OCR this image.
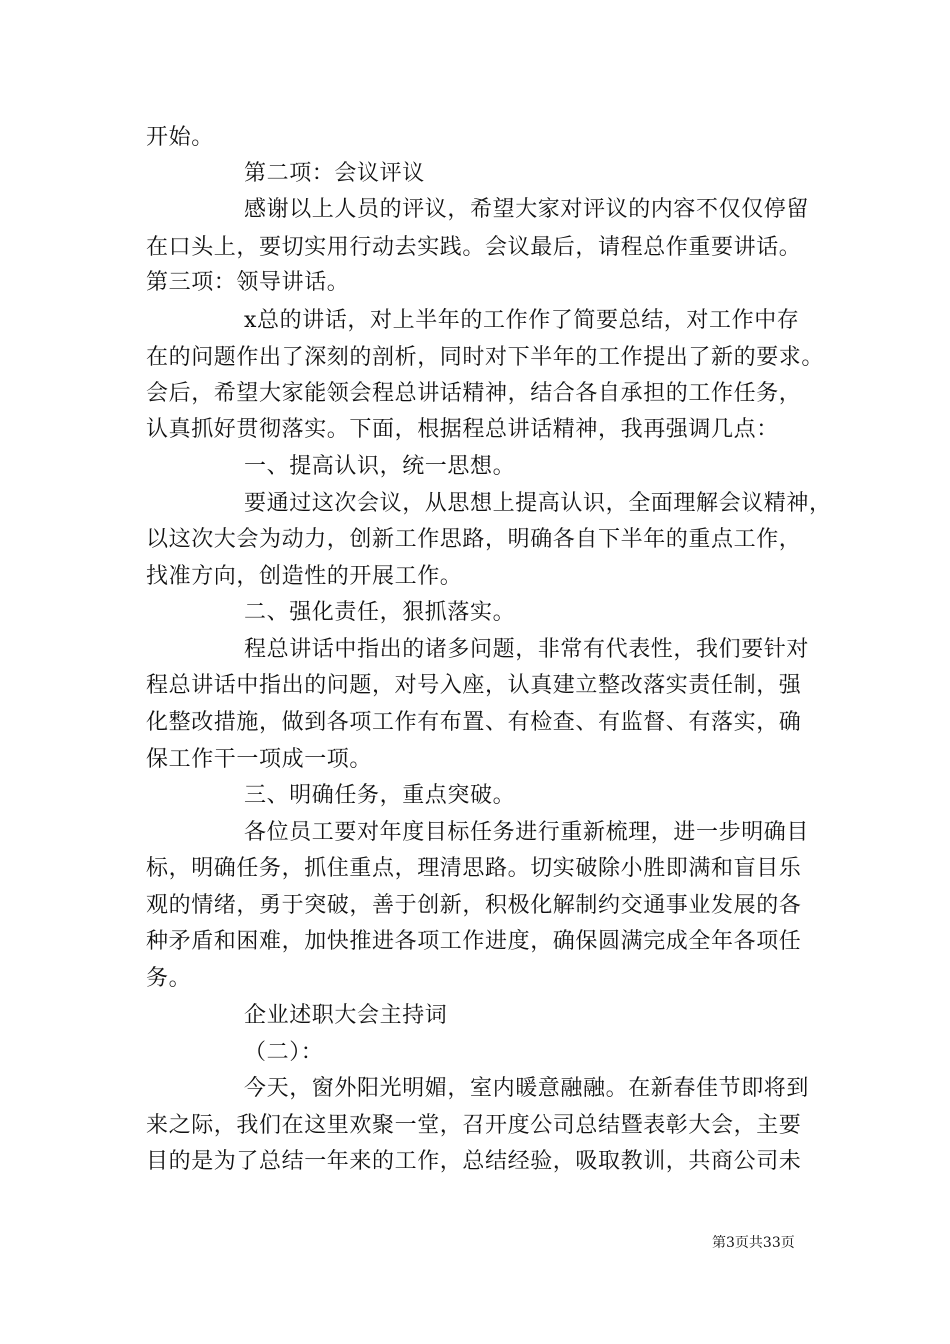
开始。
第二项：会议评议
感谢以上人员的评议，希望大家对评议的内容不仅仅停留
在口头上，要切实用行动去实践。会议最后，请程总作重要讲话。
第三项：领导讲话。
x总的讲话，对上半年的工作作了简要总结，对工作中存
在的问题作出了深刻的剖析，同时对下半年的工作提出了新的要求。
会后，希望大家能领会程总讲话精神，结合各自承担的工作任务，
认真抓好贯彻落实。下面，根据程总讲话精神，我再强调几点：
一、提高认识，统一思想。
要通过这次会议，从思想上提高认识，全面理解会议精神，
以这次大会为动力，创新工作思路，明确各自下半年的重点工作，
找准方向，创造性的开展工作。
二、强化责任，狠抓落实。
程总讲话中指出的诸多问题，非常有代表性，我们要针对
程总讲话中指出的问题，对号入座，认真建立整改落实责任制，强
化整改措施，做到各项工作有布置、有检查、有监督、有落实，确
保工作干一项成一项。
三、明确任务，重点突破。
各位员工要对年度目标任务进行重新梳理，进一步明确目
标，明确任务，抓住重点，理清思路。切实破除小胜即满和盲目乐
观的情绪，勇于突破，善于创新，积极化解制约交通事业发展的各
种矛盾和困难，加快推进各项工作进度，确保圆满完成全年各项任
务。
企业述职大会主持词
（二）：
今天，窗外阳光明媚，室内暖意融融。在新春佳节即将到
来之际，我们在这里欢聚一堂，召开度公司总结暨表彰大会，主要
目的是为了总结一年来的工作，总结经验，吸取教训，共商公司未
第3页共33页
